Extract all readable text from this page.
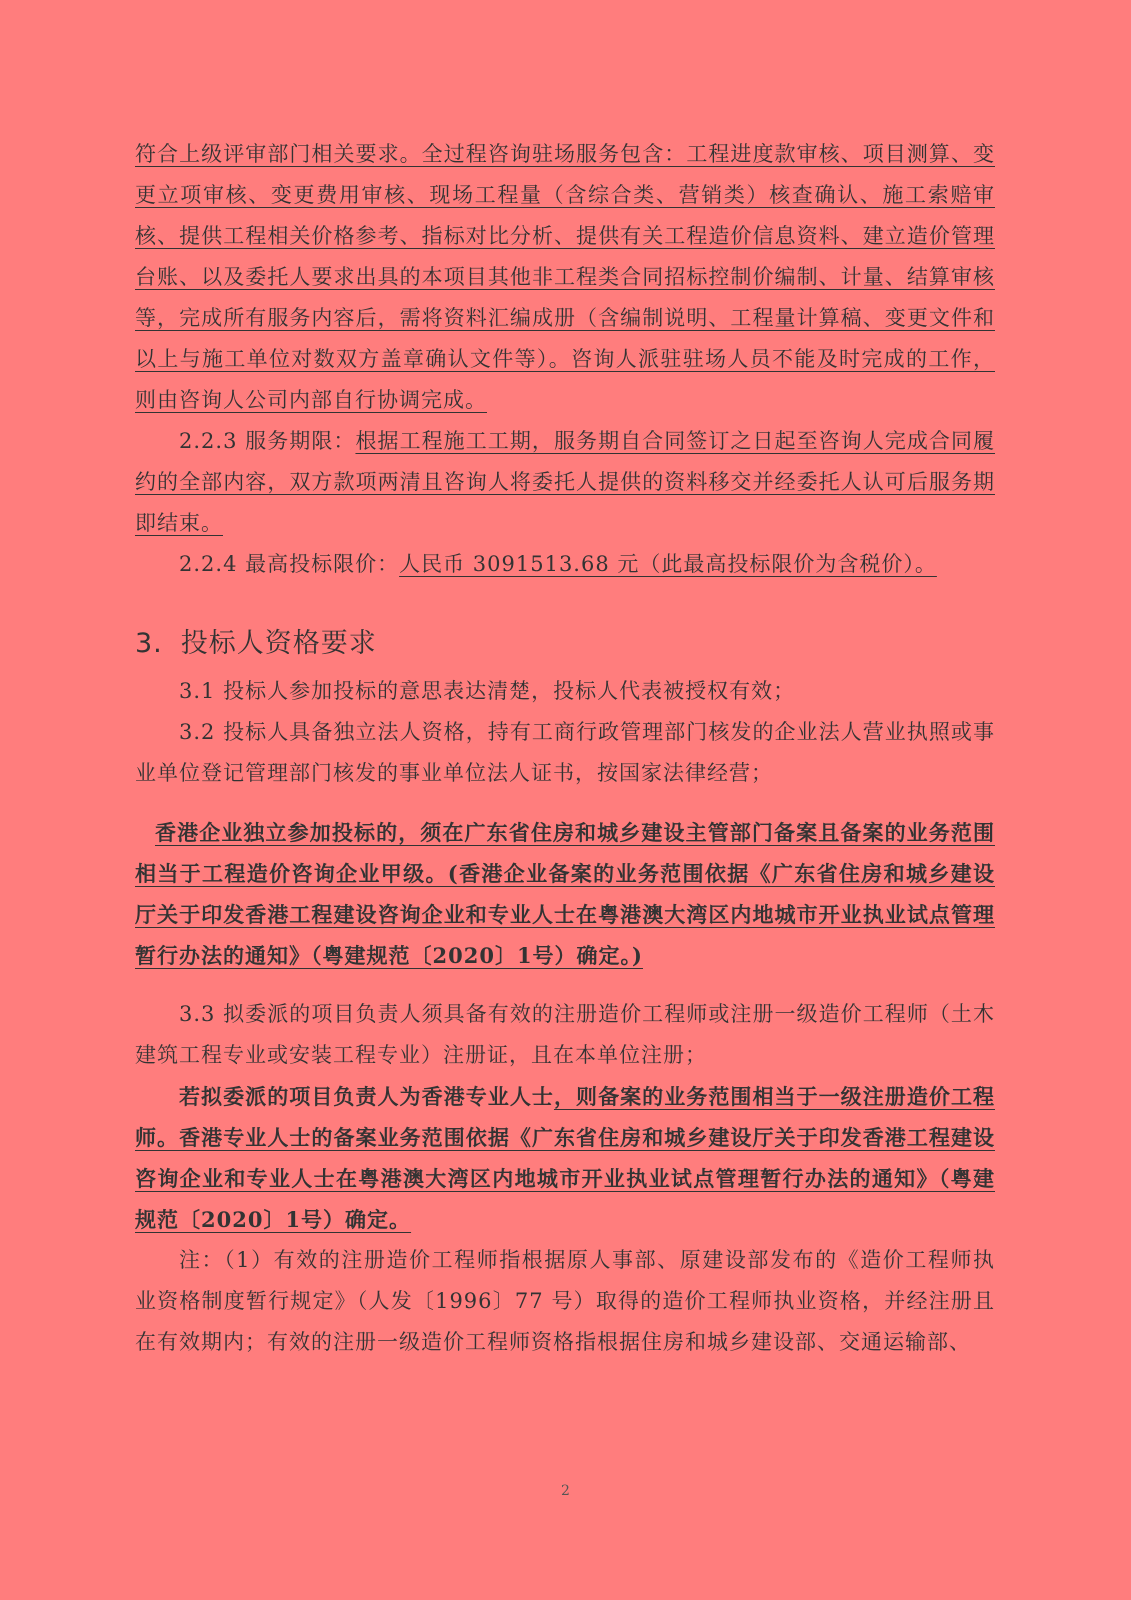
符合上级评审部门相关要求。全过程咨询驻场服务包含：工程进度款审核、项目测算、变更立项审核、变更费用审核、现场工程量（含综合类、营销类）核查确认、施工索赔审核、提供工程相关价格参考、指标对比分析、提供有关工程造价信息资料、建立造价管理台账、以及委托人要求出具的本项目其他非工程类合同招标控制价编制、计量、结算审核等，完成所有服务内容后，需将资料汇编成册（含编制说明、工程量计算稿、变更文件和以上与施工单位对数双方盖章确认文件等）。咨询人派驻驻场人员不能及时完成的工作，则由咨询人公司内部自行协调完成。

2.2.3 服务期限：根据工程施工工期，服务期自合同签订之日起至咨询人完成合同履约的全部内容，双方款项两清且咨询人将委托人提供的资料移交并经委托人认可后服务期即结束。

2.2.4 最高投标限价：人民币 3091513.68 元（此最高投标限价为含税价）。

3. 投标人资格要求

3.1 投标人参加投标的意思表达清楚，投标人代表被授权有效；

3.2 投标人具备独立法人资格，持有工商行政管理部门核发的企业法人营业执照或事业单位登记管理部门核发的事业单位法人证书，按国家法律经营；

香港企业独立参加投标的，须在广东省住房和城乡建设主管部门备案且备案的业务范围相当于工程造价咨询企业甲级。(香港企业备案的业务范围依据《广东省住房和城乡建设厅关于印发香港工程建设咨询企业和专业人士在粤港澳大湾区内地城市开业执业试点管理暂行办法的通知》（粤建规范〔2020〕1号）确定。)

3.3 拟委派的项目负责人须具备有效的注册造价工程师或注册一级造价工程师（土木建筑工程专业或安装工程专业）注册证，且在本单位注册；

若拟委派的项目负责人为香港专业人士，则备案的业务范围相当于一级注册造价工程师。香港专业人士的备案业务范围依据《广东省住房和城乡建设厅关于印发香港工程建设咨询企业和专业人士在粤港澳大湾区内地城市开业执业试点管理暂行办法的通知》（粤建规范〔2020〕1号）确定。

注：（1）有效的注册造价工程师指根据原人事部、原建设部发布的《造价工程师执业资格制度暂行规定》（人发〔1996〕77 号）取得的造价工程师执业资格，并经注册且在有效期内；有效的注册一级造价工程师资格指根据住房和城乡建设部、交通运输部、

2
